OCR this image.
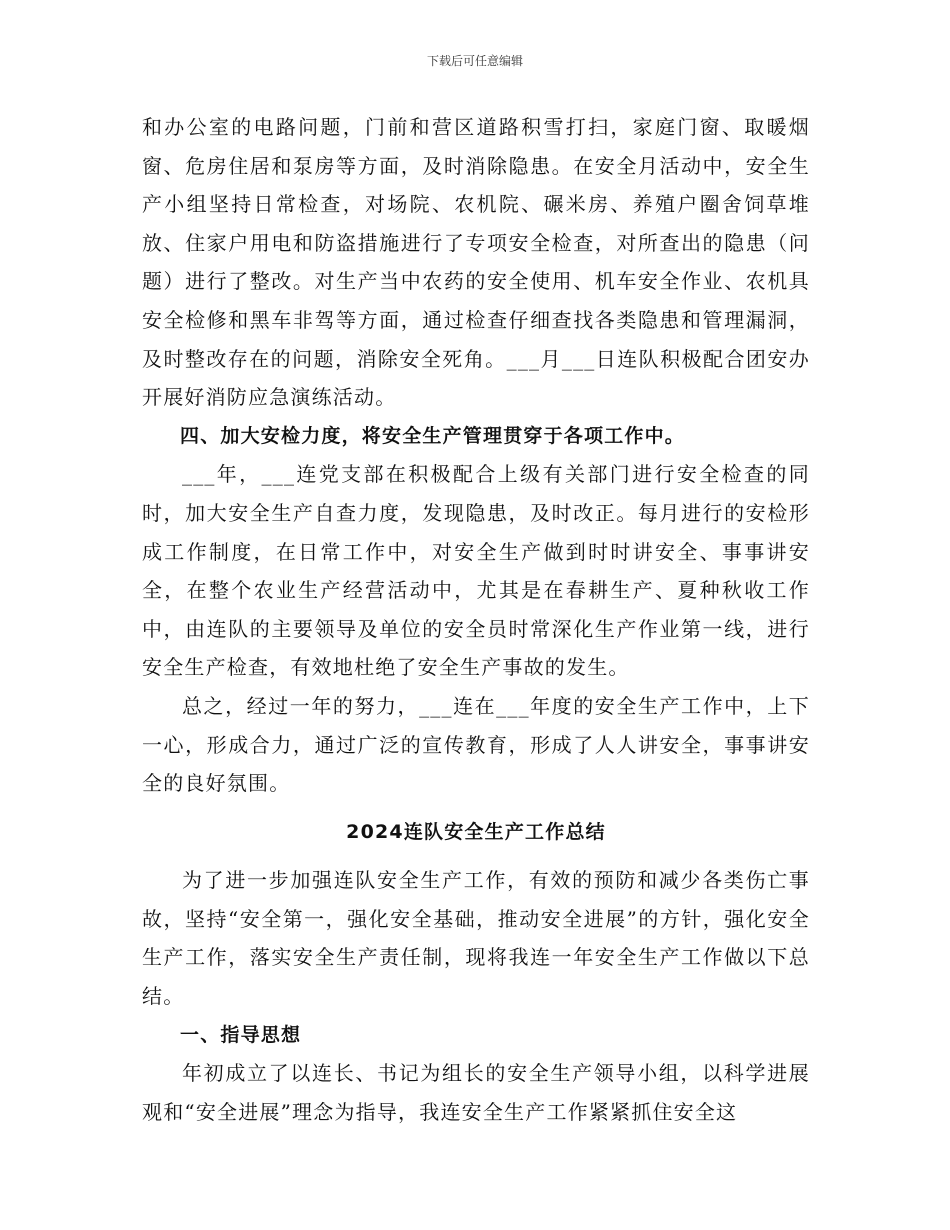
下载后可任意编辑

和办公室的电路问题，门前和营区道路积雪打扫，家庭门窗、取暖烟窗、危房住居和泵房等方面，及时消除隐患。在安全月活动中，安全生产小组坚持日常检查，对场院、农机院、碾米房、养殖户圈舍饲草堆放、住家户用电和防盗措施进行了专项安全检查，对所查出的隐患（问题）进行了整改。对生产当中农药的安全使用、机车安全作业、农机具安全检修和黑车非驾等方面，通过检查仔细查找各类隐患和管理漏洞，及时整改存在的问题，消除安全死角。___月___日连队积极配合团安办开展好消防应急演练活动。

四、加大安检力度，将安全生产管理贯穿于各项工作中。

___年，___连党支部在积极配合上级有关部门进行安全检查的同时，加大安全生产自查力度，发现隐患，及时改正。每月进行的安检形成工作制度，在日常工作中，对安全生产做到时时讲安全、事事讲安全，在整个农业生产经营活动中，尤其是在春耕生产、夏种秋收工作中，由连队的主要领导及单位的安全员时常深化生产作业第一线，进行安全生产检查，有效地杜绝了安全生产事故的发生。

总之，经过一年的努力，___连在___年度的安全生产工作中，上下一心，形成合力，通过广泛的宣传教育，形成了人人讲安全，事事讲安全的良好氛围。

2024连队安全生产工作总结

为了进一步加强连队安全生产工作，有效的预防和减少各类伤亡事故，坚持“安全第一，强化安全基础，推动安全进展”的方针，强化安全生产工作，落实安全生产责任制，现将我连一年安全生产工作做以下总结。

一、指导思想

年初成立了以连长、书记为组长的安全生产领导小组，以科学进展观和“安全进展”理念为指导，我连安全生产工作紧紧抓住安全这
